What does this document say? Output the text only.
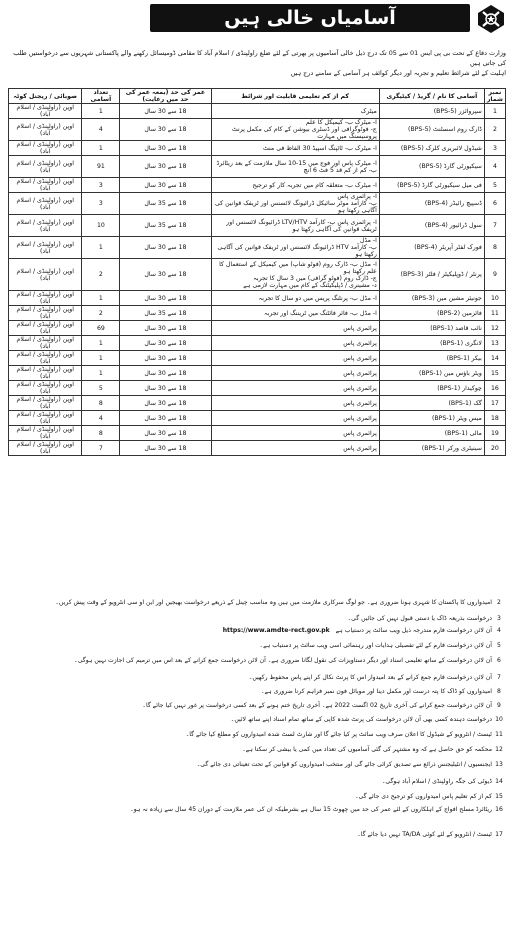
آسامیاں خالی ہیں
وزارت دفاع کے تحت بی پی ایس 01 سے 05 تک درج ذیل خالی آسامیوں پر بھرتی کے لئے ضلع راولپنڈی / اسلام آباد کا مقامی ڈومیسائل رکھنے والے پاکستانی شہریوں سے درخواستیں طلب کی جاتی ہیں
اہلیت کے لئے شرائط تعلیم و تجربہ اور دیگر کوائف ہر آسامی کے سامنے درج ہیں
نمبر شمار	آسامی کا نام / گریڈ / کیٹیگری	کم از کم تعلیمی قابلیت اور شرائط	عمر کی حد (بمعہ عمر کی حد میں رعایت)	تعداد آسامی	صوبائی / ریجنل کوٹہ
1	سپروائزر (BPS-5)	میٹرک	18 سے 30 سال	1	اوپن (راولپنڈی / اسلام آباد)
2	ڈارک روم اسسٹنٹ (BPS-5)	ا- میٹرک ب- کیمیکل کا علم
ج- فوٹوگرافی اور ڈسٹری بیوشن کے کام کی مکمل پرنٹ پروسیسنگ میں مہارت	18 سے 30 سال	4	اوپن (راولپنڈی / اسلام آباد)
3	شیڈول لائبریری کلرک (BPS-5)	ا- میٹرک ب- ٹائپنگ اسپیڈ 30 الفاظ فی منٹ	18 سے 30 سال	1	اوپن (راولپنڈی / اسلام آباد)
4	سیکیورٹی گارڈ (BPS-5)	ا- میٹرک پاس اور فوج میں 15-10 سال ملازمت کے بعد ریٹائرڈ
ب- کم از کم قد 5 فٹ 6 انچ	18 سے 30 سال	91	اوپن (راولپنڈی / اسلام آباد)
5	فی میل سیکیورٹی گارڈ (BPS-5)	ا- میٹرک ب- متعلقہ کام میں تجربہ کار کو ترجیح	18 سے 30 سال	3	اوپن (راولپنڈی / اسلام آباد)
6	ڈسپیچ رائیڈر (BPS-4)	ا- پرائمری پاس
ب- کارآمد موٹر سائیکل ڈرائیونگ لائسنس اور ٹریفک قوانین کی آگاہی رکھتا ہو	18 سے 35 سال	3	اوپن (راولپنڈی / اسلام آباد)
7	سول ڈرائیور (BPS-4)	ا- پرائمری پاس ب- کارآمد LTV/HTV ڈرائیونگ لائسنس اور
ٹریفک قوانین کی آگاہی رکھتا ہو	18 سے 35 سال	10	اوپن (راولپنڈی / اسلام آباد)
8	فورک لفٹر آپریٹر (BPS-4)	ا- مڈل
ب- کارآمد HTV ڈرائیونگ لائسنس اور ٹریفک قوانین کی آگاہی رکھتا ہو	18 سے 30 سال	1	اوپن (راولپنڈی / اسلام آباد)
9	پرنٹر / ڈوپلیکیٹر / فلٹر (BPS-3)	ا- مڈل ب- ڈارک روم (فوٹو شاپ) میں کیمیکل کے استعمال کا علم رکھتا ہو
ج- ڈارک روم (فوٹو گرافی) میں 3 سال کا تجربہ
د- مشینری / ڈپلیکیٹنگ کے کام میں مہارت لازمی ہے	18 سے 30 سال	2	اوپن (راولپنڈی / اسلام آباد)
10	جونیئر مشین مین (BPS-3)	ا- مڈل ب- پرنٹنگ پریس میں دو سال کا تجربہ	18 سے 30 سال	1	اوپن (راولپنڈی / اسلام آباد)
11	فائرمین (BPS-2)	ا- مڈل ب- فائر فائٹنگ میں ٹریننگ اور تجربہ	18 سے 35 سال	2	اوپن (راولپنڈی / اسلام آباد)
12	نائب قاصد (BPS-1)	پرائمری پاس	18 سے 30 سال	69	اوپن (راولپنڈی / اسلام آباد)
13	لانگری (BPS-1)	پرائمری پاس	18 سے 30 سال	1	اوپن (راولپنڈی / اسلام آباد)
14	بیکر (BPS-1)	پرائمری پاس	18 سے 30 سال	1	اوپن (راولپنڈی / اسلام آباد)
15	ویٹر باؤس مین (BPS-1)	پرائمری پاس	18 سے 30 سال	1	اوپن (راولپنڈی / اسلام آباد)
16	چوکیدار (BPS-1)	پرائمری پاس	18 سے 30 سال	5	اوپن (راولپنڈی / اسلام آباد)
17	گک (BPS-1)	پرائمری پاس	18 سے 30 سال	8	اوپن (راولپنڈی / اسلام آباد)
18	میس ویٹر (BPS-1)	پرائمری پاس	18 سے 30 سال	4	اوپن (راولپنڈی / اسلام آباد)
19	مالی (BPS-1)	پرائمری پاس	18 سے 30 سال	8	اوپن (راولپنڈی / اسلام آباد)
20	سینیٹری ورکر (BPS-1)	پرائمری پاس	18 سے 30 سال	7	اوپن (راولپنڈی / اسلام آباد)
2امیدواروں کا پاکستان کا شہری ہونا ضروری ہے۔ جو لوگ سرکاری ملازمت میں ہیں وہ مناسب چینل کے ذریعے درخواست بھیجیں اور این او سی انٹرویو کے وقت پیش کریں۔
3درخواست بذریعہ ڈاک یا دستی قبول نہیں کی جائیں گی۔
4آن لائن درخواست فارم مندرجہ ذیل ویب سائٹ پر دستیاب ہے https://www.amdte-rect.gov.pk
5آن لائن درخواست فارم کے لئے تفصیلی ہدایات اور رہنمائی اسی ویب سائٹ پر دستیاب ہے۔
6آن لائن درخواست کے ساتھ تعلیمی اسناد اور دیگر دستاویزات کی نقول لگانا ضروری ہے۔ آن لائن درخواست جمع کرانے کے بعد اس میں ترمیم کی اجازت نہیں ہوگی۔
7آن لائن درخواست فارم جمع کرانے کے بعد امیدوار اس کا پرنٹ نکال کر اپنے پاس محفوظ رکھیں۔
8امیدواروں کو ڈاک کا پتہ درست اور مکمل دینا اور موبائل فون نمبر فراہم کرنا ضروری ہے۔
9آن لائن درخواست جمع کرانے کی آخری تاریخ 02 اگست 2022 ہے۔ آخری تاریخ ختم ہونے کے بعد کسی درخواست پر غور نہیں کیا جائے گا۔
10درخواست دہندہ کسی بھی آن لائن درخواست کی پرنٹ شدہ کاپی کے ساتھ تمام اسناد اپنے ساتھ لائیں۔
11ٹیسٹ / انٹرویو کے شیڈول کا اعلان صرف ویب سائٹ پر کیا جائے گا اور شارٹ لسٹ شدہ امیدواروں کو مطلع کیا جائے گا۔
12محکمہ کو حق حاصل ہے کہ وہ مشتہر کی گئی آسامیوں کی تعداد میں کمی یا بیشی کر سکتا ہے۔
13ایجنسیوں / انٹیلیجنس ذرائع سے تصدیق کرائی جائے گی اور منتخب امیدواروں کو قوانین کے تحت تعیناتی دی جائے گی۔
14ڈیوٹی کی جگہ راولپنڈی / اسلام آباد ہوگی۔
15کم از کم تعلیم پاس امیدواروں کو ترجیح دی جائے گی۔
16ریٹائرڈ مسلح افواج کے اہلکاروں کے لئے عمر کی حد میں چھوٹ 15 سال ہے بشرطیکہ ان کی عمر ملازمت کے دوران 45 سال سے زیادہ نہ ہو۔
17ٹیسٹ / انٹرویو کے لئے کوئی TA/DA نہیں دیا جائے گا۔
